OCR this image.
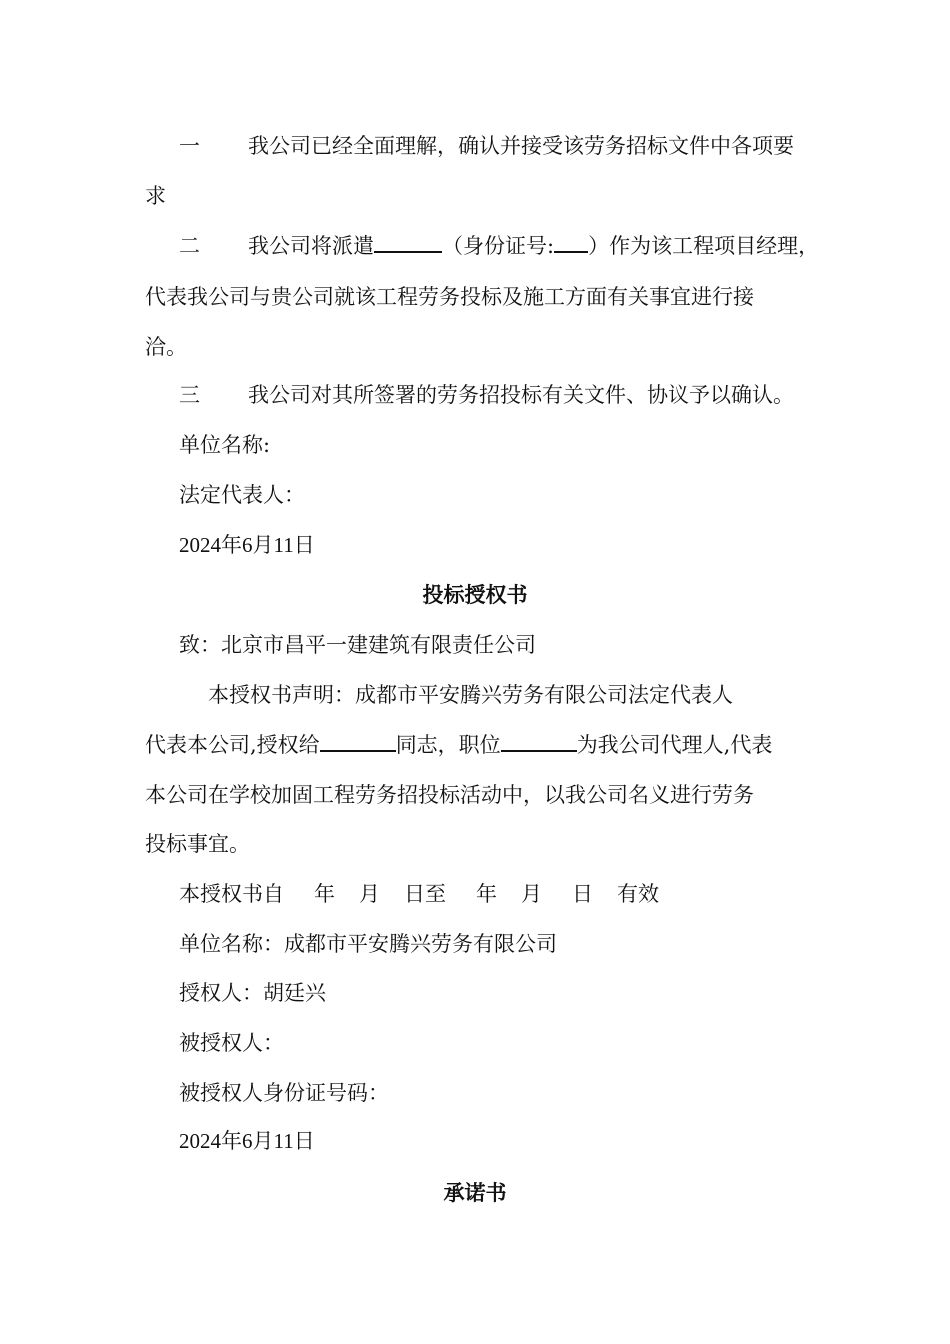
一 我公司已经全面理解，确认并接受该劳务招标文件中各项要
求
二 我公司将派遣	（身份证号: ）作为该工程项目经理，
代表我公司与贵公司就该工程劳务投标及施工方面有关事宜进行接
洽。
三 我公司对其所签署的劳务招投标有关文件、协议予以确认。
单位名称:
法定代表人：
2024年6月11日
投标授权书
致：北京市昌平一建建筑有限责任公司
本授权书声明：成都市平安腾兴劳务有限公司法定代表人
代表本公司,授权给	同志，职位	为我公司代理人,代表
本公司在学校加固工程劳务招投标活动中，以我公司名义进行劳务
投标事宜。
本授权书自 年 月 日至 年 月 日 有效
单位名称：成都市平安腾兴劳务有限公司
授权人：胡廷兴
被授权人：
被授权人身份证号码：
2024年6月11日
承诺书
